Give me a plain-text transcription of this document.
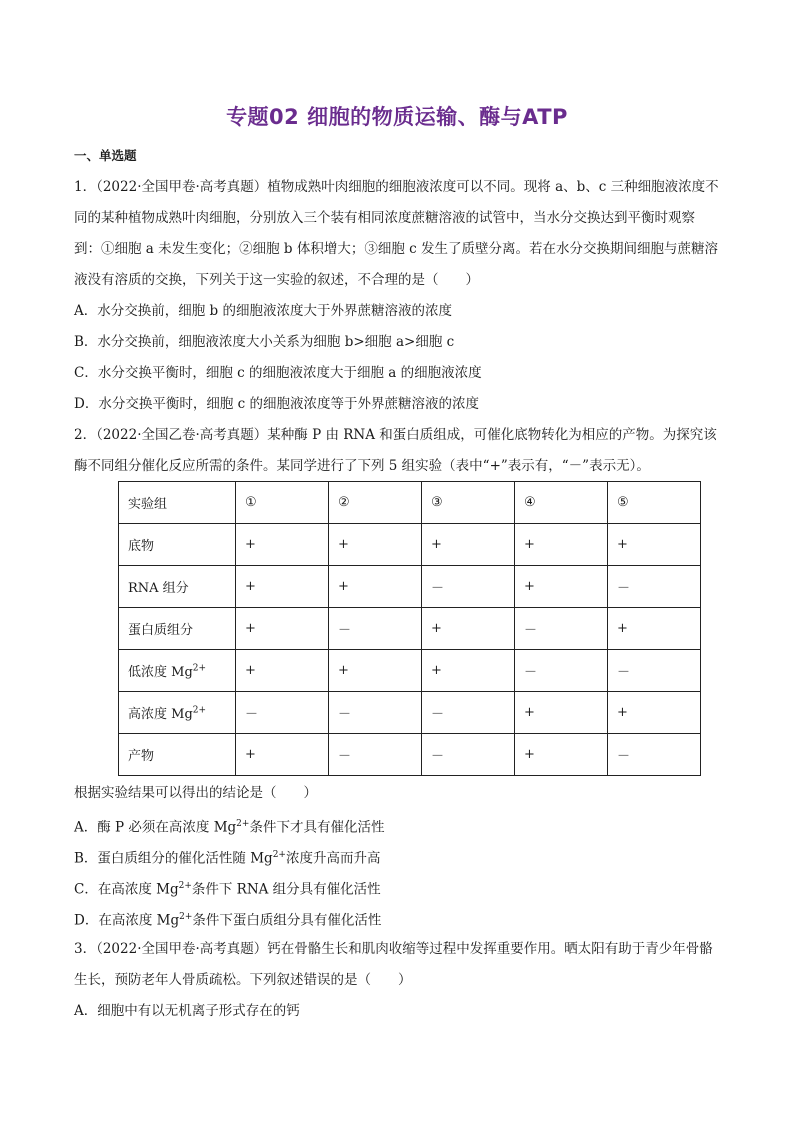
专题02 细胞的物质运输、酶与ATP
一、单选题
1．（2022·全国甲卷·高考真题）植物成熟叶肉细胞的细胞液浓度可以不同。现将 a、b、c 三种细胞液浓度不
同的某种植物成熟叶肉细胞，分别放入三个装有相同浓度蔗糖溶液的试管中，当水分交换达到平衡时观察
到：①细胞 a 未发生变化；②细胞 b 体积增大；③细胞 c 发生了质壁分离。若在水分交换期间细胞与蔗糖溶
液没有溶质的交换，下列关于这一实验的叙述，不合理的是（　　）
A．水分交换前，细胞 b 的细胞液浓度大于外界蔗糖溶液的浓度
B．水分交换前，细胞液浓度大小关系为细胞 b>细胞 a>细胞 c
C．水分交换平衡时，细胞 c 的细胞液浓度大于细胞 a 的细胞液浓度
D．水分交换平衡时，细胞 c 的细胞液浓度等于外界蔗糖溶液的浓度
2．（2022·全国乙卷·高考真题）某种酶 P 由 RNA 和蛋白质组成，可催化底物转化为相应的产物。为探究该
酶不同组分催化反应所需的条件。某同学进行了下列 5 组实验（表中“+”表示有，“－”表示无）。
实验组	①	②	③	④	⑤
底物	+	+	+	+	+
RNA 组分	+	+	－	+	－
蛋白质组分	+	－	+	－	+
低浓度 $Mg^{2+}$	+	+	+	－	－
高浓度 $Mg^{2+}$	－	－	－	+	+
产物	+	－	－	+	－
根据实验结果可以得出的结论是（　　）
A．酶 P 必须在高浓度 $Mg^{2+}$条件下才具有催化活性
B．蛋白质组分的催化活性随 $Mg^{2+}$浓度升高而升高
C．在高浓度 $Mg^{2+}$条件下 RNA 组分具有催化活性
D．在高浓度 $Mg^{2+}$条件下蛋白质组分具有催化活性
3．（2022·全国甲卷·高考真题）钙在骨骼生长和肌肉收缩等过程中发挥重要作用。晒太阳有助于青少年骨骼
生长，预防老年人骨质疏松。下列叙述错误的是（　　）
A．细胞中有以无机离子形式存在的钙
